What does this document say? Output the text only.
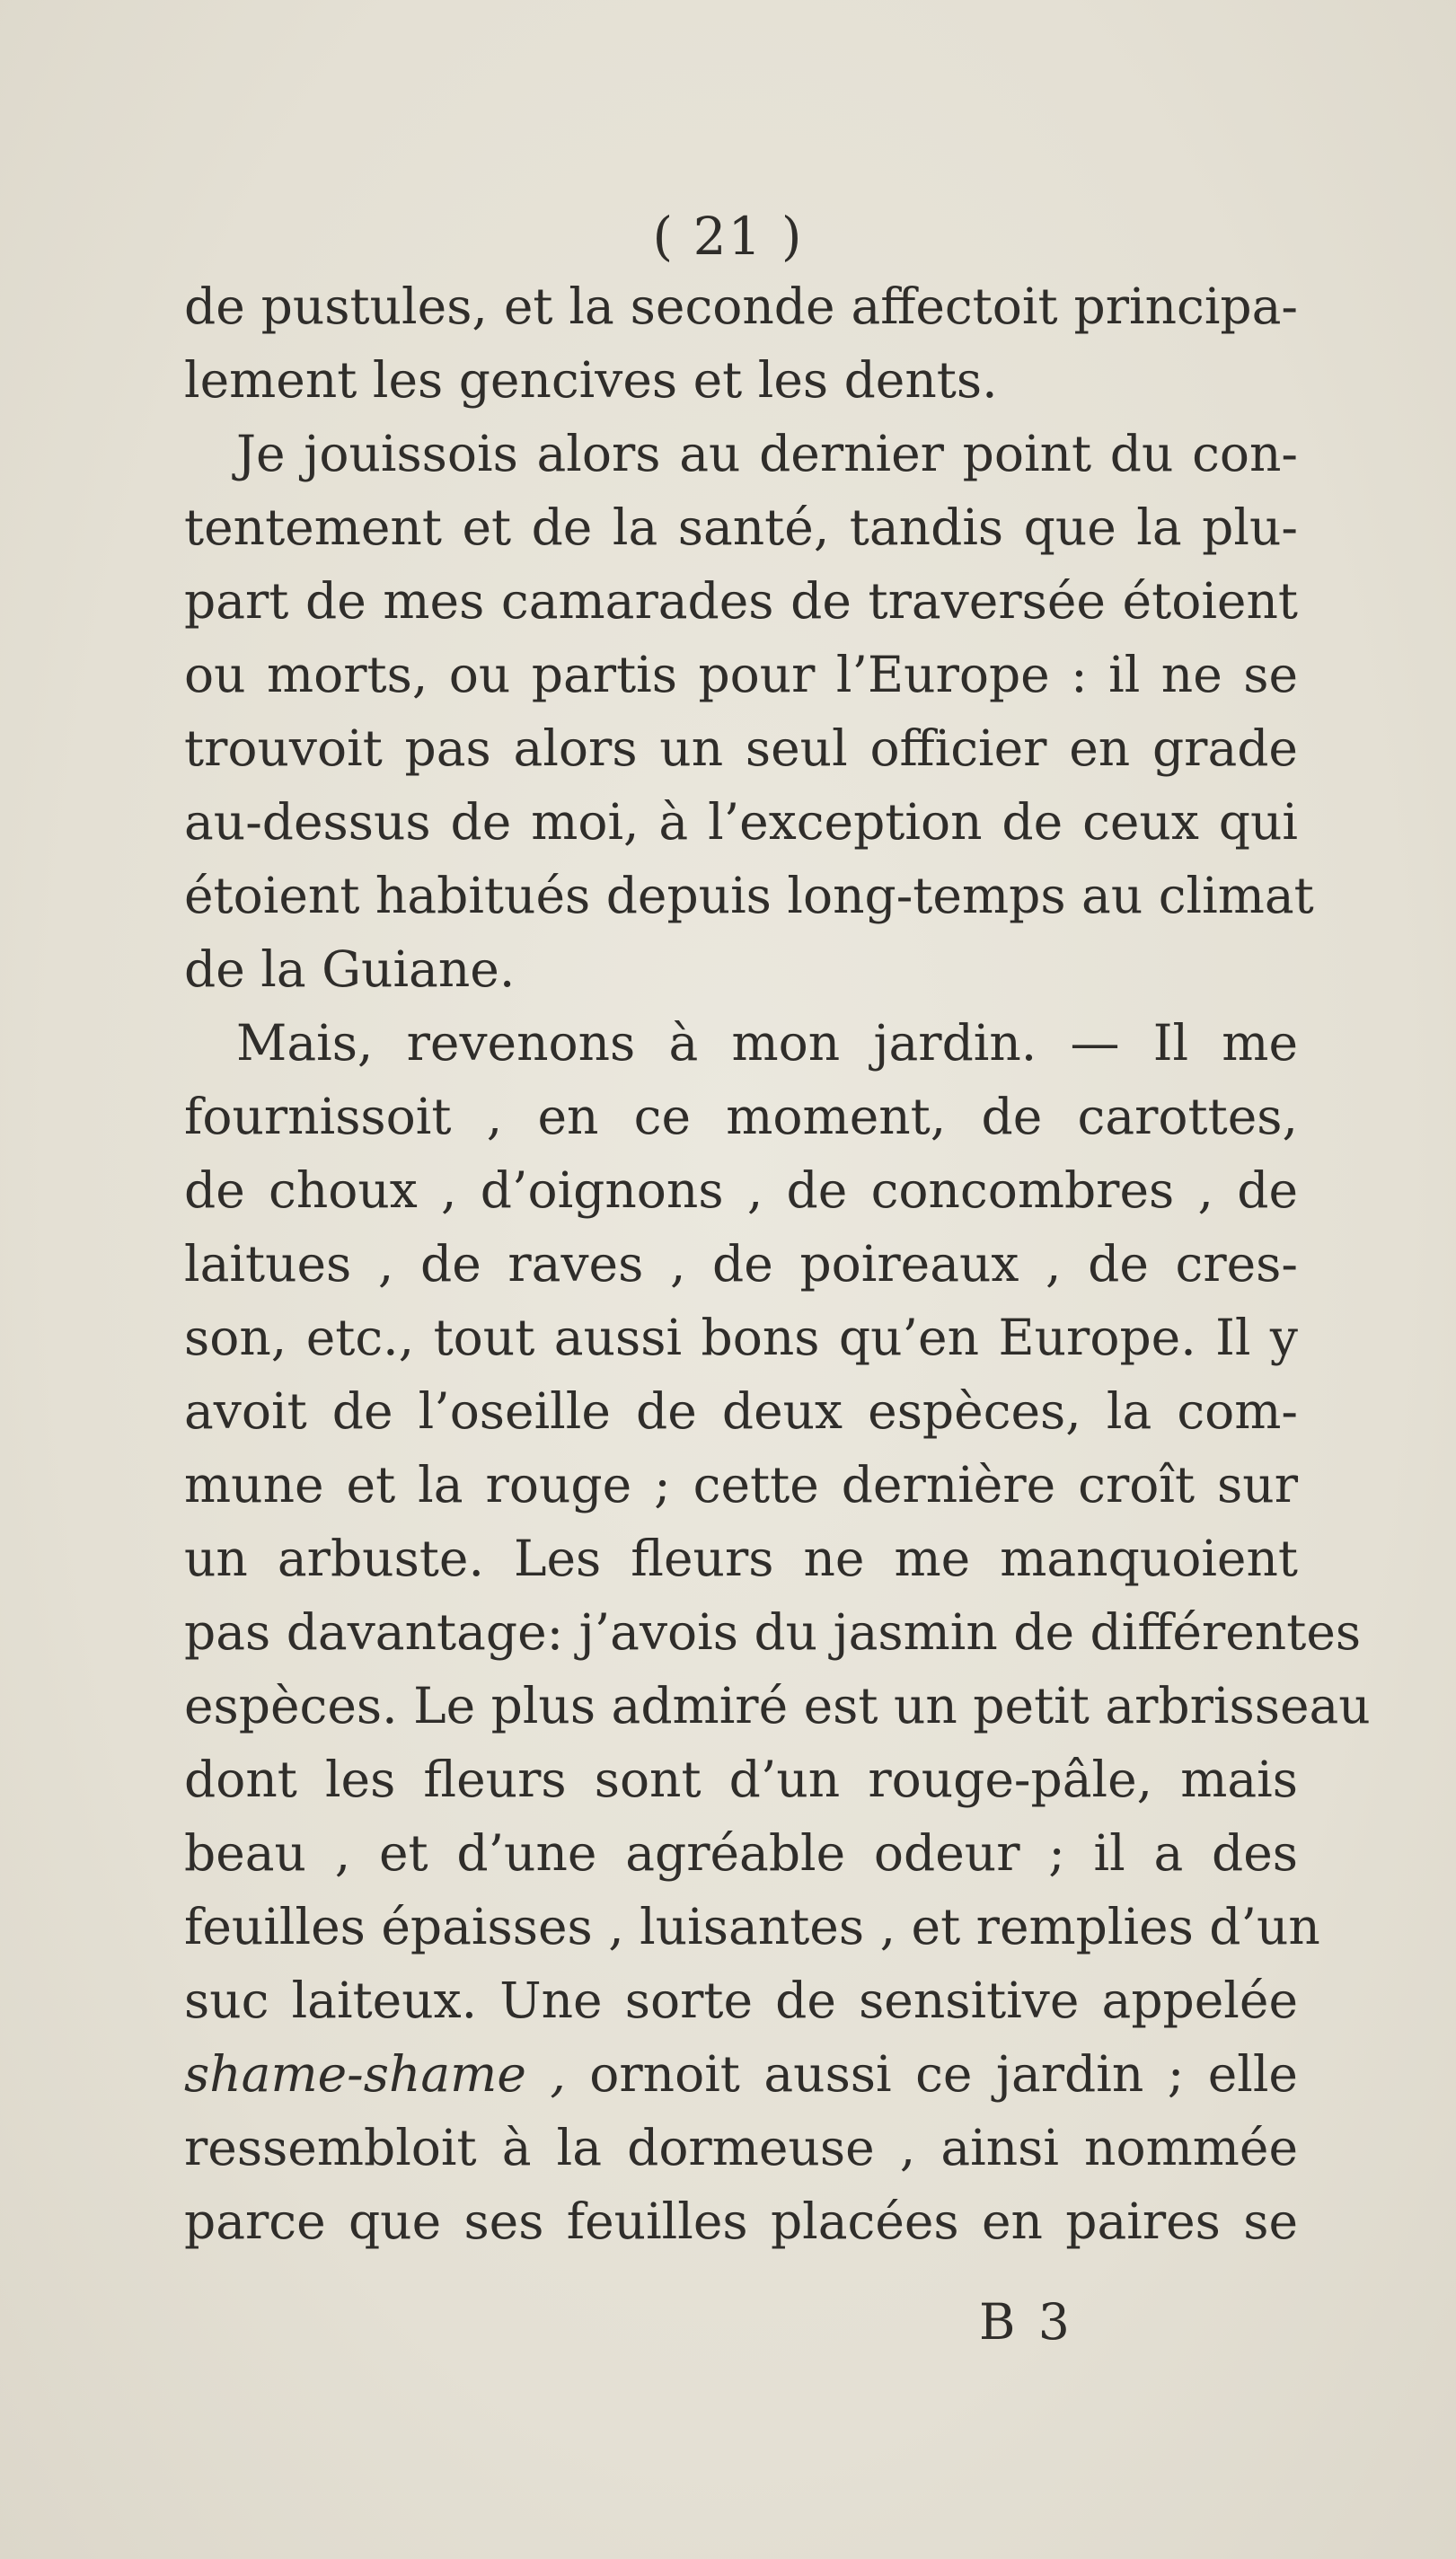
( 21 )
de pustules, et la seconde affectoit principa-
lement les gencives et les dents.
Je jouissois alors au dernier point du con-
tentement et de la santé, tandis que la plu-
part de mes camarades de traversée étoient
ou morts, ou partis pour l’Europe : il ne se
trouvoit pas alors un seul officier en grade
au-dessus de moi, à l’exception de ceux qui
étoient habitués depuis long-temps au climat
de la Guiane.
Mais, revenons à mon jardin. — Il me
fournissoit , en ce moment, de carottes,
de choux , d’oignons , de concombres , de
laitues , de raves , de poireaux , de cres-
son, etc., tout aussi bons qu’en Europe. Il y
avoit de l’oseille de deux espèces, la com-
mune et la rouge ; cette dernière croît sur
un arbuste. Les fleurs ne me manquoient
pas davantage: j’avois du jasmin de différentes
espèces. Le plus admiré est un petit arbrisseau
dont les fleurs sont d’un rouge-pâle, mais
beau , et d’une agréable odeur ; il a des
feuilles épaisses , luisantes , et remplies d’un
suc laiteux. Une sorte de sensitive appelée
shame-shame , ornoit aussi ce jardin ; elle
ressembloit à la dormeuse , ainsi nommée
parce que ses feuilles placées en paires se
B 3
